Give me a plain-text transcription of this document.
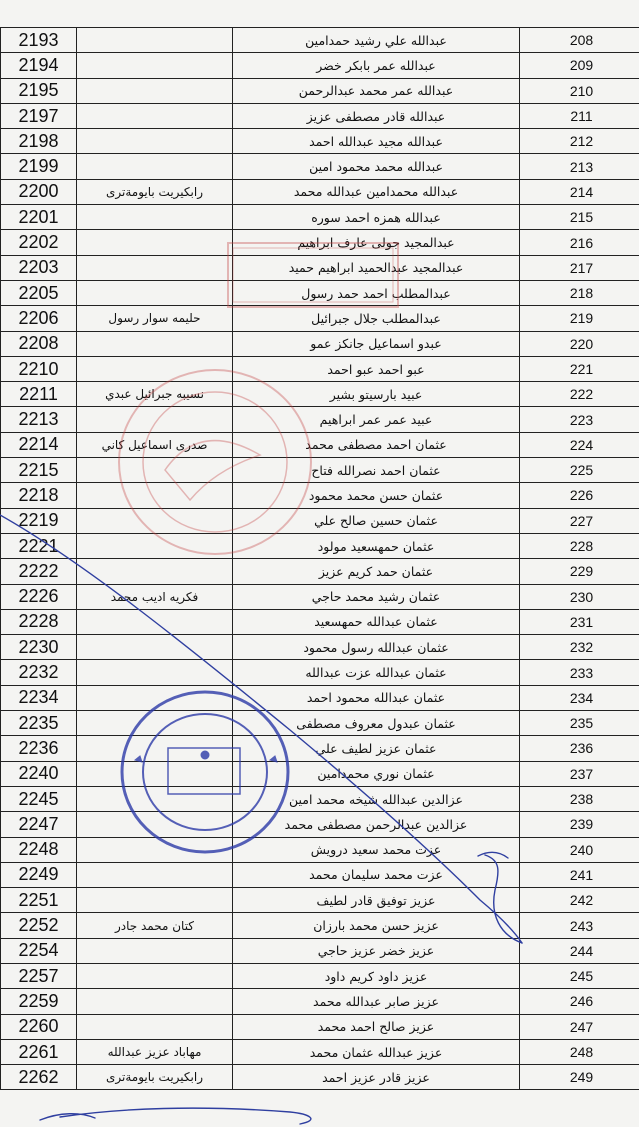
2193		عبدالله علي رشيد حمدامين	208
2194		عبدالله عمر بابكر خضر	209
2195		عبدالله عمر محمد عبدالرحمن	210
2197		عبدالله قادر مصطفى عزيز	211
2198		عبدالله مجيد عبدالله احمد	212
2199		عبدالله محمد محمود امين	213
2200	رابكيريت بايومةترى	عبدالله محمدامين عبدالله محمد	214
2201		عبدالله همزه احمد سوره	215
2202		عبدالمجيد جولى عارف ابراهيم	216
2203		عبدالمجيد عبدالحميد ابراهيم حميد	217
2205		عبدالمطلب احمد حمد رسول	218
2206	حليمه سوار رسول	عبدالمطلب جلال جبرائيل	219
2208		عبدو اسماعيل جانكز عمو	220
2210		عبو احمد عبو احمد	221
2211	نسيبه جبرائيل عبدي	عبيد بارسيتو بشير	222
2213		عبيد عمر عمر ابراهيم	223
2214	صدرى اسماعيل كاني	عثمان احمد مصطفى محمد	224
2215		عثمان احمد نصرالله فتاح	225
2218		عثمان حسن محمد محمود	226
2219		عثمان حسين صالح علي	227
2221		عثمان حمهسعيد مولود	228
2222		عثمان حمد كريم عزيز	229
2226	فكريه اديب محمد	عثمان رشيد محمد حاجي	230
2228		عثمان عبدالله حمهسعيد	231
2230		عثمان عبدالله رسول محمود	232
2232		عثمان عبدالله عزت عبدالله	233
2234		عثمان عبدالله محمود احمد	234
2235		عثمان عبدول معروف مصطفى	235
2236		عثمان عزيز لطيف علي	236
2240		عثمان نوري محمدامين	237
2245		عزالدين عبدالله شيخه محمد امين	238
2247		عزالدين عبدالرحمن مصطفى محمد	239
2248		عزت محمد سعيد درويش	240
2249		عزت محمد سليمان محمد	241
2251		عزيز توفيق قادر لطيف	242
2252	كتان محمد جادر	عزيز حسن محمد بارزان	243
2254		عزيز خضر عزيز حاجي	244
2257		عزيز داود كريم داود	245
2259		عزيز صابر عبدالله محمد	246
2260		عزيز صالح احمد محمد	247
2261	مهاباد عزيز عبدالله	عزيز عبدالله عثمان محمد	248
2262	رابكيريت بايومةترى	عزيز قادر عزيز احمد	249
